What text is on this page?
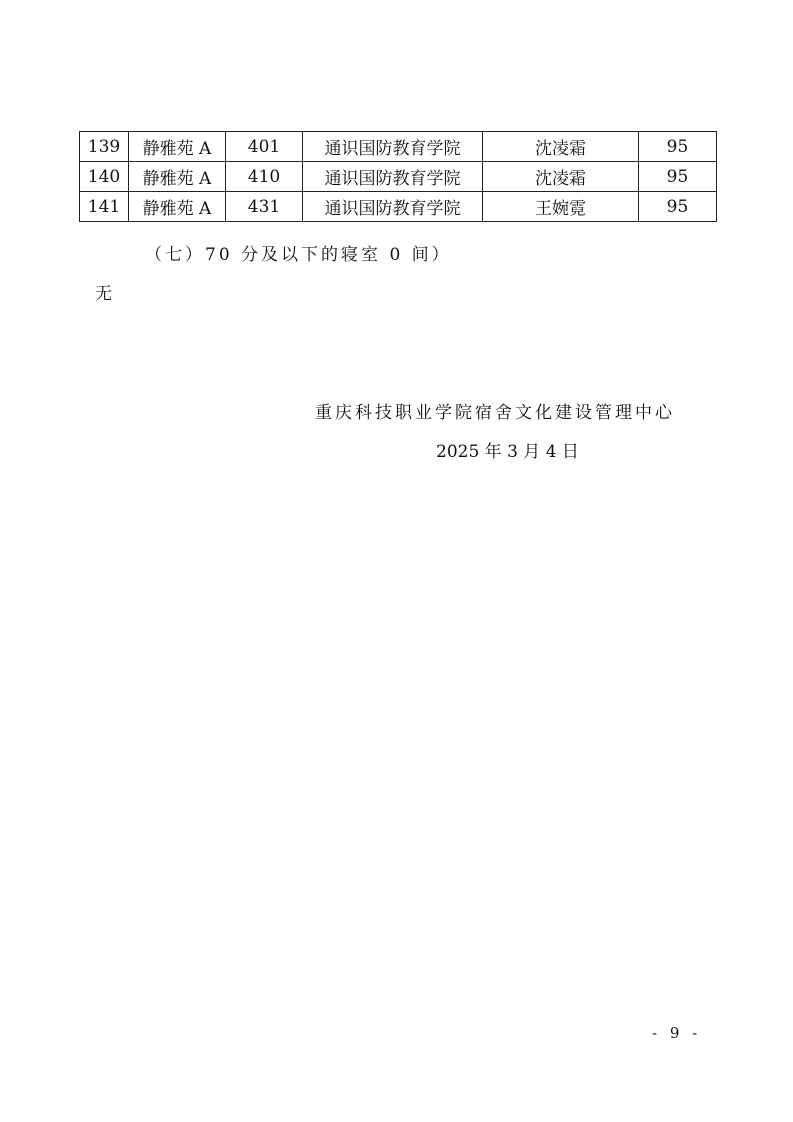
139	静雅苑 A	401	通识国防教育学院	沈凌霜	95
140	静雅苑 A	410	通识国防教育学院	沈凌霜	95
141	静雅苑 A	431	通识国防教育学院	王婉霓	95
（七）70 分及以下的寝室 0 间）
无
重庆科技职业学院宿舍文化建设管理中心
2025 年 3 月 4 日
- 9 -
